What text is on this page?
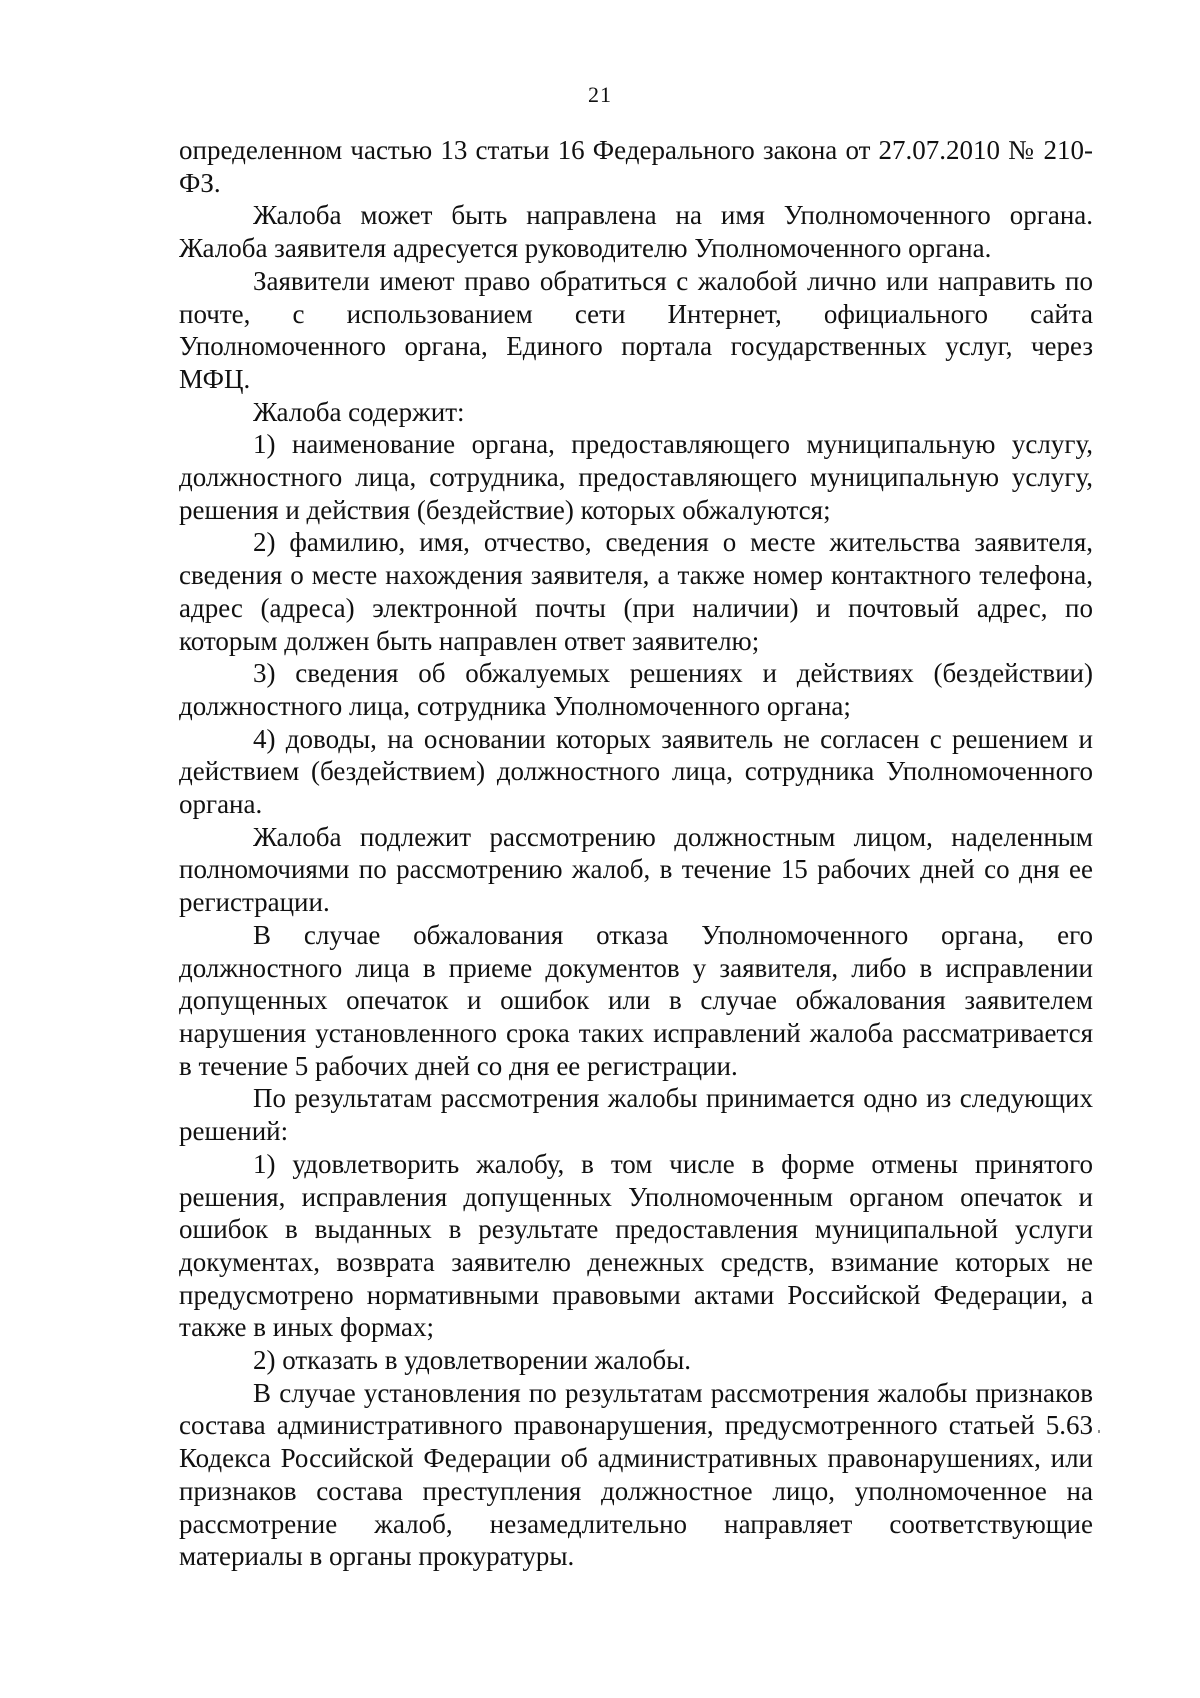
21

определенном частью 13 статьи 16 Федерального закона от 27.07.2010 № 210-ФЗ.

Жалоба может быть направлена на имя Уполномоченного органа. Жалоба заявителя адресуется руководителю Уполномоченного органа.

Заявители имеют право обратиться с жалобой лично или направить по почте, с использованием сети Интернет, официального сайта Уполномоченного органа, Единого портала государственных услуг, через МФЦ.

Жалоба содержит:

1) наименование органа, предоставляющего муниципальную услугу, должностного лица, сотрудника, предоставляющего муниципальную услугу, решения и действия (бездействие) которых обжалуются;

2) фамилию, имя, отчество, сведения о месте жительства заявителя, сведения о месте нахождения заявителя, а также номер контактного телефона, адрес (адреса) электронной почты (при наличии) и почтовый адрес, по которым должен быть направлен ответ заявителю;

3) сведения об обжалуемых решениях и действиях (бездействии) должностного лица, сотрудника Уполномоченного органа;

4) доводы, на основании которых заявитель не согласен с решением и действием (бездействием) должностного лица, сотрудника Уполномоченного органа.

Жалоба подлежит рассмотрению должностным лицом, наделенным полномочиями по рассмотрению жалоб, в течение 15 рабочих дней со дня ее регистрации.

В случае обжалования отказа Уполномоченного органа, его должностного лица в приеме документов у заявителя, либо в исправлении допущенных опечаток и ошибок или в случае обжалования заявителем нарушения установленного срока таких исправлений жалоба рассматривается в течение 5 рабочих дней со дня ее регистрации.

По результатам рассмотрения жалобы принимается одно из следующих решений:

1) удовлетворить жалобу, в том числе в форме отмены принятого решения, исправления допущенных Уполномоченным органом опечаток и ошибок в выданных в результате предоставления муниципальной услуги документах, возврата заявителю денежных средств, взимание которых не предусмотрено нормативными правовыми актами Российской Федерации, а также в иных формах;

2) отказать в удовлетворении жалобы.

В случае установления по результатам рассмотрения жалобы признаков состава административного правонарушения, предусмотренного статьей 5.63 Кодекса Российской Федерации об административных правонарушениях, или признаков состава преступления должностное лицо, уполномоченное на рассмотрение жалоб, незамедлительно направляет соответствующие материалы в органы прокуратуры.
